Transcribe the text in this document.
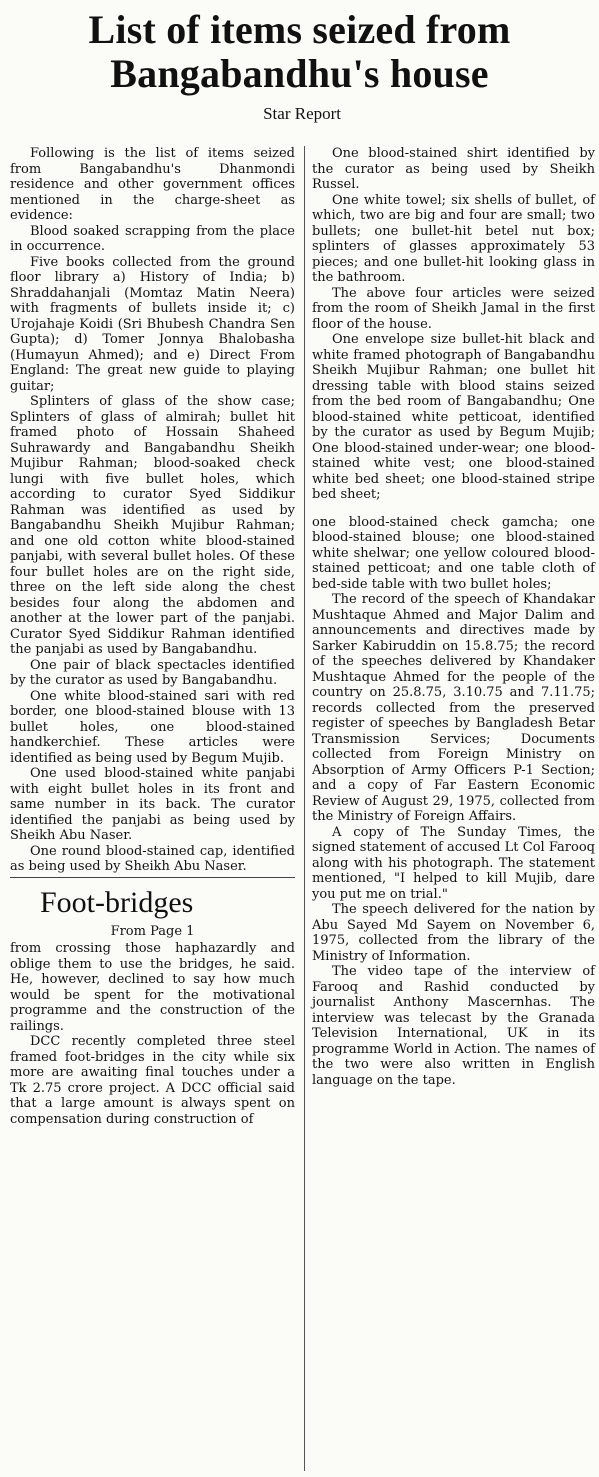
List of items seized from
Bangabandhu's house
Star Report

Following is the list of items seized from Bangabandhu's Dhanmondi residence and other government offices mentioned in the charge-sheet as evidence:

Blood soaked scrapping from the place in occurrence.

Five books collected from the ground floor library a) History of India; b) Shraddahanjali (Momtaz Matin Neera) with fragments of bullets inside it; c) Urojahaje Koidi (Sri Bhubesh Chandra Sen Gupta); d) Tomer Jonnya Bhalobasha (Humayun Ahmed); and e) Direct From England: The great new guide to playing guitar;

Splinters of glass of the show case; Splinters of glass of almirah; bullet hit framed photo of Hossain Shaheed Suhrawardy and Bangabandhu Sheikh Mujibur Rahman; blood-soaked check lungi with five bullet holes, which according to curator Syed Siddikur Rahman was identified as used by Bangabandhu Sheikh Mujibur Rahman; and one old cotton white blood-stained panjabi, with several bullet holes. Of these four bullet holes are on the right side, three on the left side along the chest besides four along the abdomen and another at the lower part of the panjabi. Curator Syed Siddikur Rahman identified the panjabi as used by Bangabandhu.

One pair of black spectacles identified by the curator as used by Bangabandhu.

One white blood-stained sari with red border, one blood-stained blouse with 13 bullet holes, one blood-stained handkerchief. These articles were identified as being used by Begum Mujib.

One used blood-stained white panjabi with eight bullet holes in its front and same number in its back. The curator identified the panjabi as being used by Sheikh Abu Naser.

One round blood-stained cap, identified as being used by Sheikh Abu Naser.

Foot-bridges
From Page 1

from crossing those haphazardly and oblige them to use the bridges, he said. He, however, declined to say how much would be spent for the motivational programme and the construction of the railings.

DCC recently completed three steel framed foot-bridges in the city while six more are awaiting final touches under a Tk 2.75 crore project. A DCC official said that a large amount is always spent on compensation during construction of

One blood-stained shirt identified by the curator as being used by Sheikh Russel.

One white towel; six shells of bullet, of which, two are big and four are small; two bullets; one bullet-hit betel nut box; splinters of glasses approximately 53 pieces; and one bullet-hit looking glass in the bathroom.

The above four articles were seized from the room of Sheikh Jamal in the first floor of the house.

One envelope size bullet-hit black and white framed photograph of Bangabandhu Sheikh Mujibur Rahman; one bullet hit dressing table with blood stains seized from the bed room of Bangabandhu; One blood-stained white petticoat, identified by the curator as used by Begum Mujib; One blood-stained under-wear; one blood-stained white vest; one blood-stained white bed sheet; one blood-stained stripe bed sheet;

one blood-stained check gamcha; one blood-stained blouse; one blood-stained white shelwar; one yellow coloured blood-stained petticoat; and one table cloth of bed-side table with two bullet holes;

The record of the speech of Khandakar Mushtaque Ahmed and Major Dalim and announcements and directives made by Sarker Kabiruddin on 15.8.75; the record of the speeches delivered by Khandaker Mushtaque Ahmed for the people of the country on 25.8.75, 3.10.75 and 7.11.75; records collected from the preserved register of speeches by Bangladesh Betar Transmission Services; Documents collected from Foreign Ministry on Absorption of Army Officers P-1 Section; and a copy of Far Eastern Economic Review of August 29, 1975, collected from the Ministry of Foreign Affairs.

A copy of The Sunday Times, the signed statement of accused Lt Col Farooq along with his photograph. The statement mentioned, "I helped to kill Mujib, dare you put me on trial."

The speech delivered for the nation by Abu Sayed Md Sayem on November 6, 1975, collected from the library of the Ministry of Information.

The video tape of the interview of Farooq and Rashid conducted by journalist Anthony Mascernhas. The interview was telecast by the Granada Television International, UK in its programme World in Action. The names of the two were also written in English language on the tape.
